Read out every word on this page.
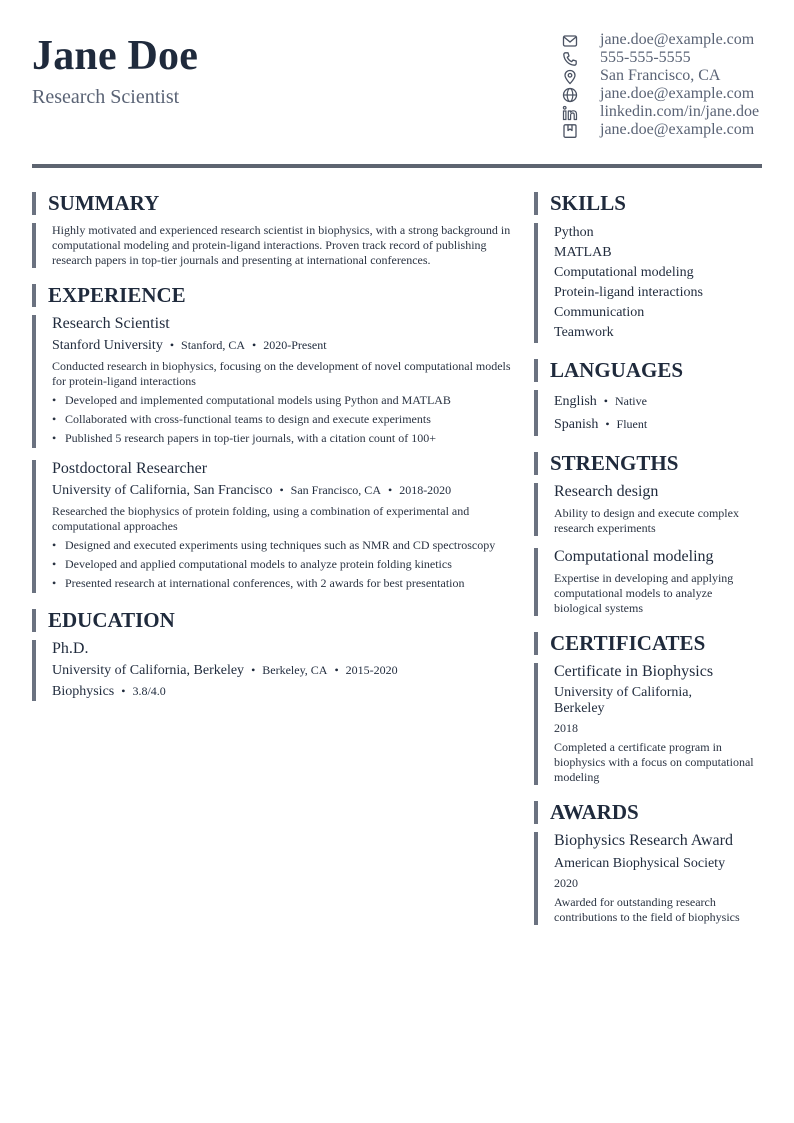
Jane Doe
Research Scientist
jane.doe@example.com
555-555-5555
San Francisco, CA
jane.doe@example.com
linkedin.com/in/jane.doe
jane.doe@example.com
SUMMARY
Highly motivated and experienced research scientist in biophysics, with a strong background in computational modeling and protein-ligand interactions. Proven track record of publishing research papers in top-tier journals and presenting at international conferences.
EXPERIENCE
Research Scientist
Stanford University • Stanford, CA • 2020-Present
Conducted research in biophysics, focusing on the development of novel computational models for protein-ligand interactions
• Developed and implemented computational models using Python and MATLAB
• Collaborated with cross-functional teams to design and execute experiments
• Published 5 research papers in top-tier journals, with a citation count of 100+
Postdoctoral Researcher
University of California, San Francisco • San Francisco, CA • 2018-2020
Researched the biophysics of protein folding, using a combination of experimental and computational approaches
• Designed and executed experiments using techniques such as NMR and CD spectroscopy
• Developed and applied computational models to analyze protein folding kinetics
• Presented research at international conferences, with 2 awards for best presentation
EDUCATION
Ph.D.
University of California, Berkeley • Berkeley, CA • 2015-2020
Biophysics • 3.8/4.0
SKILLS
Python
MATLAB
Computational modeling
Protein-ligand interactions
Communication
Teamwork
LANGUAGES
English • Native
Spanish • Fluent
STRENGTHS
Research design
Ability to design and execute complex research experiments
Computational modeling
Expertise in developing and applying computational models to analyze biological systems
CERTIFICATES
Certificate in Biophysics
University of California, Berkeley
2018
Completed a certificate program in biophysics with a focus on computational modeling
AWARDS
Biophysics Research Award
American Biophysical Society
2020
Awarded for outstanding research contributions to the field of biophysics
